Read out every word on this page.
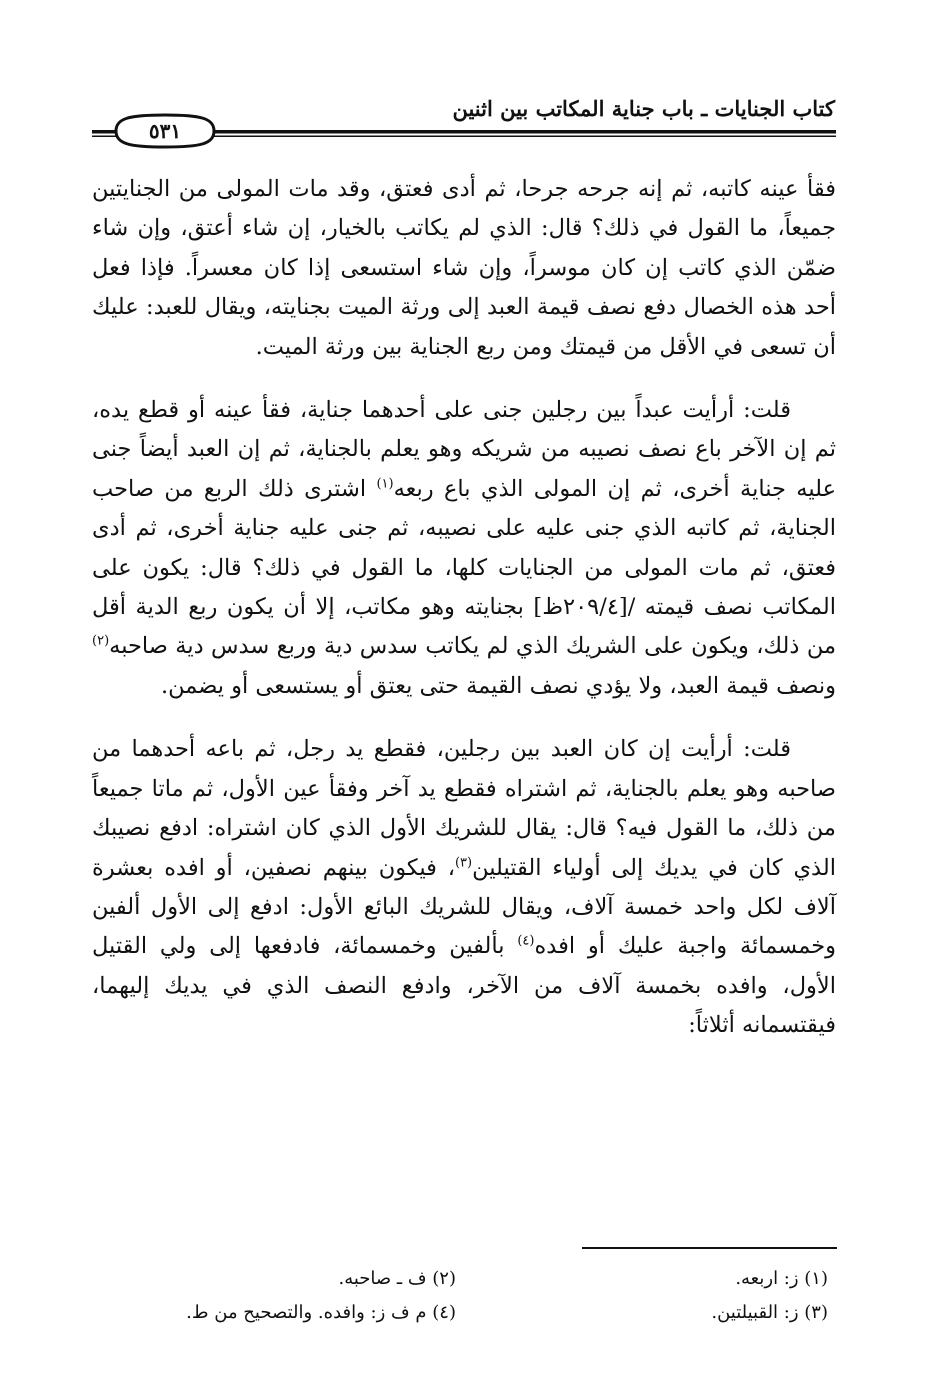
كتاب الجنايات ـ باب جناية المكاتب بين اثنين
٥٣١

فقأ عينه كاتبه، ثم إنه جرحه جرحا، ثم أدى فعتق، وقد مات المولى من الجنايتين جميعاً، ما القول في ذلك؟ قال: الذي لم يكاتب بالخيار، إن شاء أعتق، وإن شاء ضمّن الذي كاتب إن كان موسراً، وإن شاء استسعى إذا كان معسراً. فإذا فعل أحد هذه الخصال دفع نصف قيمة العبد إلى ورثة الميت بجنايته، ويقال للعبد: عليك أن تسعى في الأقل من قيمتك ومن ربع الجناية بين ورثة الميت.

قلت: أرأيت عبداً بين رجلين جنى على أحدهما جناية، فقأ عينه أو قطع يده، ثم إن الآخر باع نصف نصيبه من شريكه وهو يعلم بالجناية، ثم إن العبد أيضاً جنى عليه جناية أخرى، ثم إن المولى الذي باع ربعه$^{(١)}$ اشترى ذلك الربع من صاحب الجناية، ثم كاتبه الذي جنى عليه على نصيبه، ثم جنى عليه جناية أخرى، ثم أدى فعتق، ثم مات المولى من الجنايات كلها، ما القول في ذلك؟ قال: يكون على المكاتب نصف قيمته /[٢٠٩/٤ظ] بجنايته وهو مكاتب، إلا أن يكون ربع الدية أقل من ذلك، ويكون على الشريك الذي لم يكاتب سدس دية وربع سدس دية صاحبه$^{(٢)}$ ونصف قيمة العبد، ولا يؤدي نصف القيمة حتى يعتق أو يستسعى أو يضمن.

قلت: أرأيت إن كان العبد بين رجلين، فقطع يد رجل، ثم باعه أحدهما من صاحبه وهو يعلم بالجناية، ثم اشتراه فقطع يد آخر وفقأ عين الأول، ثم ماتا جميعاً من ذلك، ما القول فيه؟ قال: يقال للشريك الأول الذي كان اشتراه: ادفع نصيبك الذي كان في يديك إلى أولياء القتيلين$^{(٣)}$، فيكون بينهم نصفين، أو افده بعشرة آلاف لكل واحد خمسة آلاف، ويقال للشريك البائع الأول: ادفع إلى الأول ألفين وخمسمائة واجبة عليك أو افده$^{(٤)}$ بألفين وخمسمائة، فادفعها إلى ولي القتيل الأول، وافده بخمسة آلاف من الآخر، وادفع النصف الذي في يديك إليهما، فيقتسمانه أثلاثاً:

(١) ز: اربعه.
(٢) ف ـ صاحبه.
(٣) ز: القبيلتين.
(٤) م ف ز: وافده. والتصحيح من ط.
